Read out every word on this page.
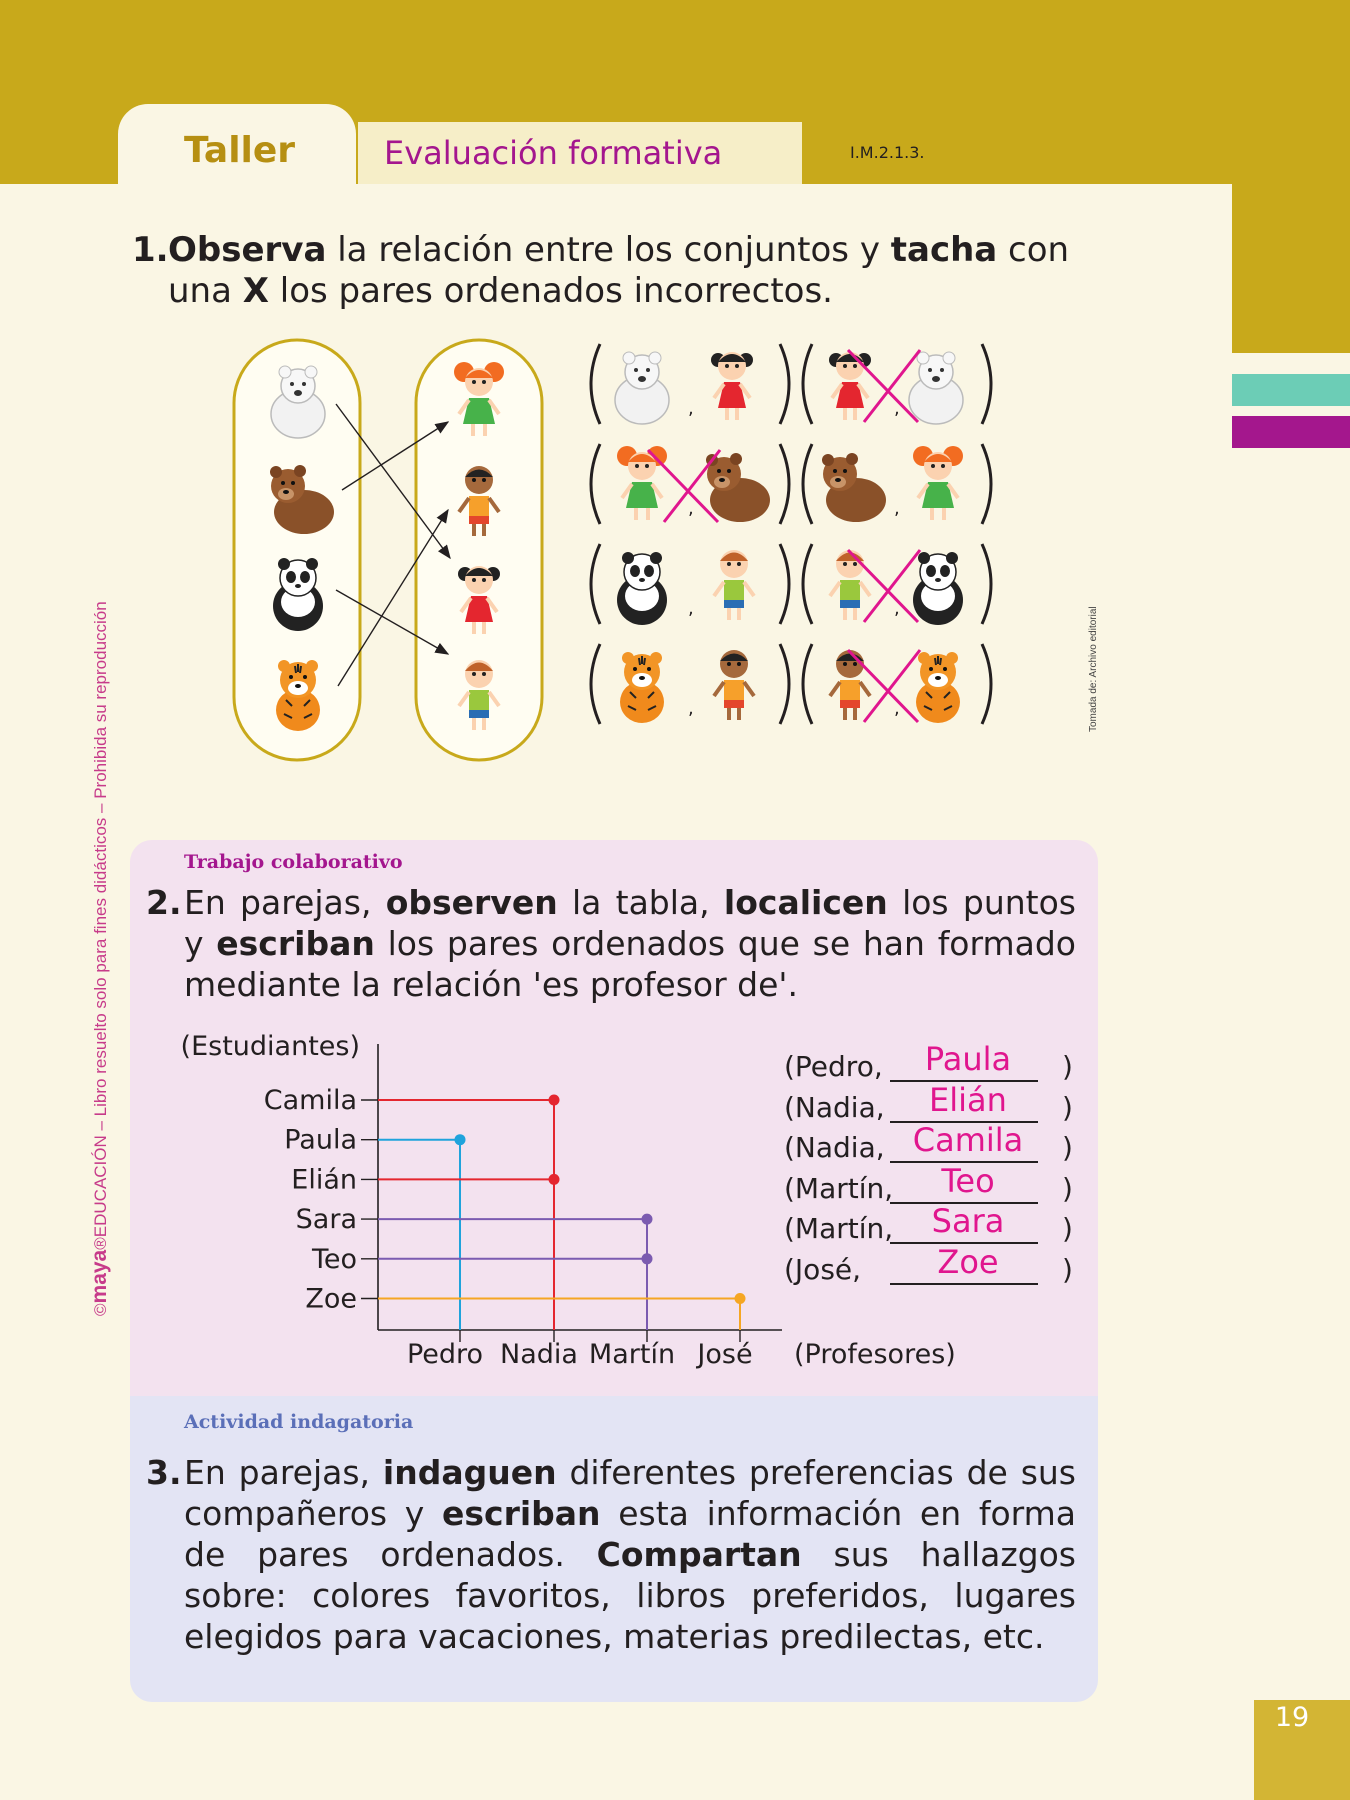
Taller	Evaluación formativa	I.M.2.1.3.
©maya®EDUCACIÓN – Libro resuelto solo para fines didácticos – Prohibida su reproducción	Tomada de: Archivo editorial
1. Observa la relación entre los conjuntos y tacha con una X los pares ordenados incorrectos.
,	,
,	,
,	,
,	,
Trabajo colaborativo
Actividad indagatoria
2. En parejas, observen la tabla, localicen los puntos y escriban los pares ordenados que se han formado mediante la relación 'es profesor de'.
(Estudiantes)
(Profesores)
Camila
Paula
Elián
Sara
Teo
Zoe
Pedro Nadia Martín José
(Pedro,	Paula	)
(Nadia,	Elián	)
(Nadia, Camila	)
(Martín,	Teo	)
(Martín,	Sara	)
(José,	Zoe	)
3. En parejas, indaguen diferentes preferencias de sus compañeros y escriban esta información en forma de pares ordenados. Compartan sus hallazgos sobre: colores favoritos, libros preferidos, lugares elegidos para vacaciones, materias predilectas, etc.
19
